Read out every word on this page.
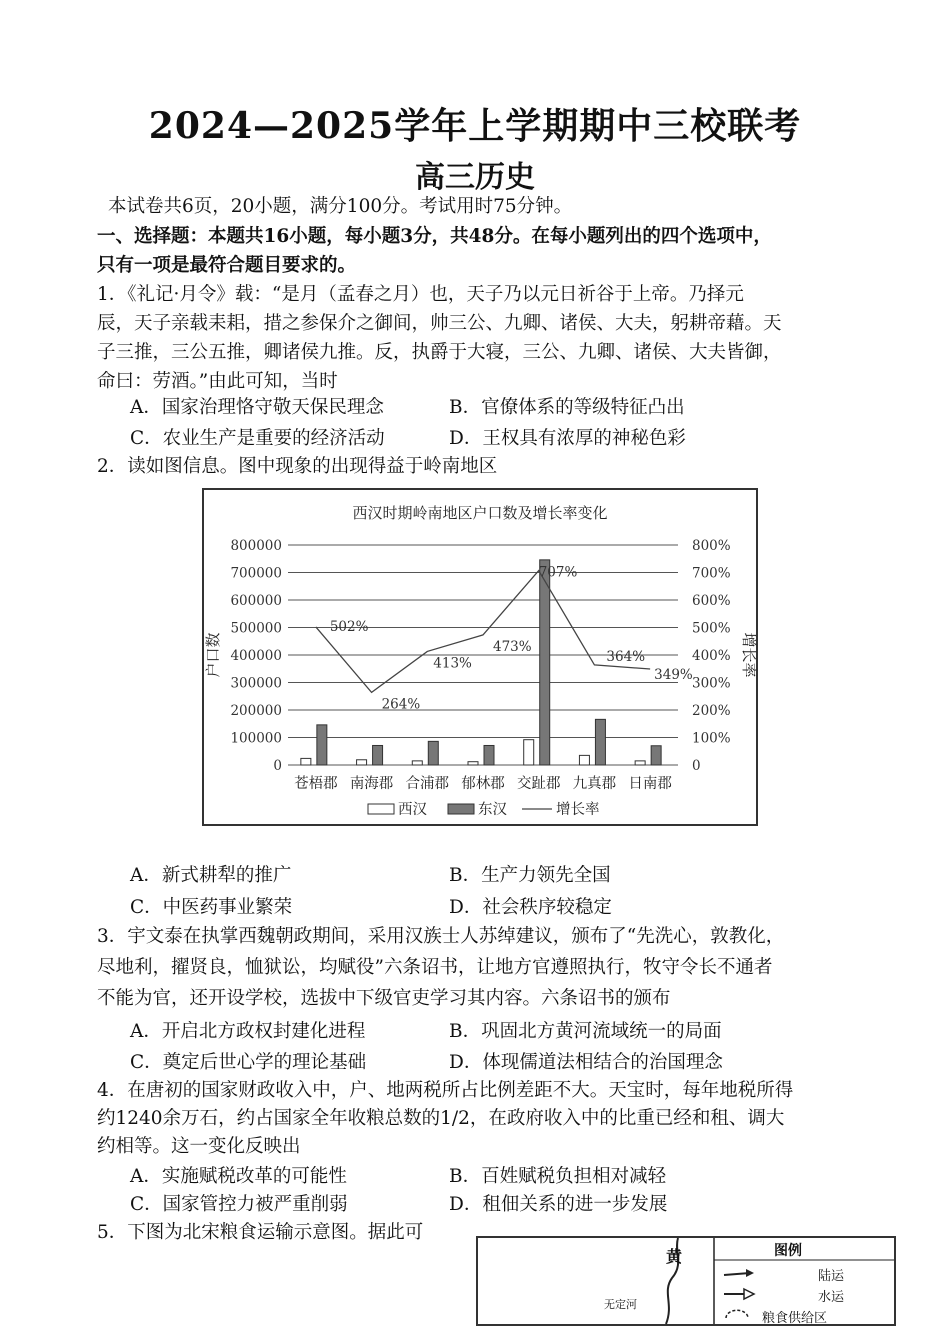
2024—2025学年上学期期中三校联考
高三历史
本试卷共6页，20小题，满分100分。考试用时75分钟。
一、选择题：本题共16小题，每小题3分，共48分。在每小题列出的四个选项中，
只有一项是最符合题目要求的。
1．《礼记·月令》载：“是月（孟春之月）也，天子乃以元日祈谷于上帝。乃择元
辰，天子亲载耒耜，措之参保介之御间，帅三公、九卿、诸侯、大夫，躬耕帝藉。天
子三推，三公五推，卿诸侯九推。反，执爵于大寝，三公、九卿、诸侯、大夫皆御，
命曰：劳酒。”由此可知，当时
A．国家治理恪守敬天保民理念	B．官僚体系的等级特征凸出
C．农业生产是重要的经济活动	D．王权具有浓厚的神秘色彩
2．读如图信息。图中现象的出现得益于岭南地区
西汉时期岭南地区户口数及增长率变化
0
100000
200000
300000
400000
500000
600000
700000
800000
0
100%
200%
300%
400%
500%
600%
700%
800%
户口数	增长率
苍梧郡 南海郡 合浦郡 郁林郡 交趾郡 九真郡 日南郡
502%
264%
413%
473%
707%
364%
349%
西汉	东汉	增长率
A．新式耕犁的推广	B．生产力领先全国
C．中医药事业繁荣	D．社会秩序较稳定
3．宇文泰在执掌西魏朝政期间，采用汉族士人苏绰建议，颁布了“先洗心，敦教化，
尽地利，擢贤良，恤狱讼，均赋役”六条诏书，让地方官遵照执行，牧守令长不通者
不能为官，还开设学校，选拔中下级官吏学习其内容。六条诏书的颁布
A．开启北方政权封建化进程	B．巩固北方黄河流域统一的局面
C．奠定后世心学的理论基础	D．体现儒道法相结合的治国理念
4．在唐初的国家财政收入中，户、地两税所占比例差距不大。天宝时，每年地税所得
约1240余万石，约占国家全年收粮总数的1/2，在政府收入中的比重已经和租、调大
约相等。这一变化反映出
A．实施赋税改革的可能性	B．百姓赋税负担相对减轻
C．国家管控力被严重削弱	D．租佃关系的进一步发展
5．下图为北宋粮食运输示意图。据此可
黄
无定河
图例
陆运
水运
粮食供给区
